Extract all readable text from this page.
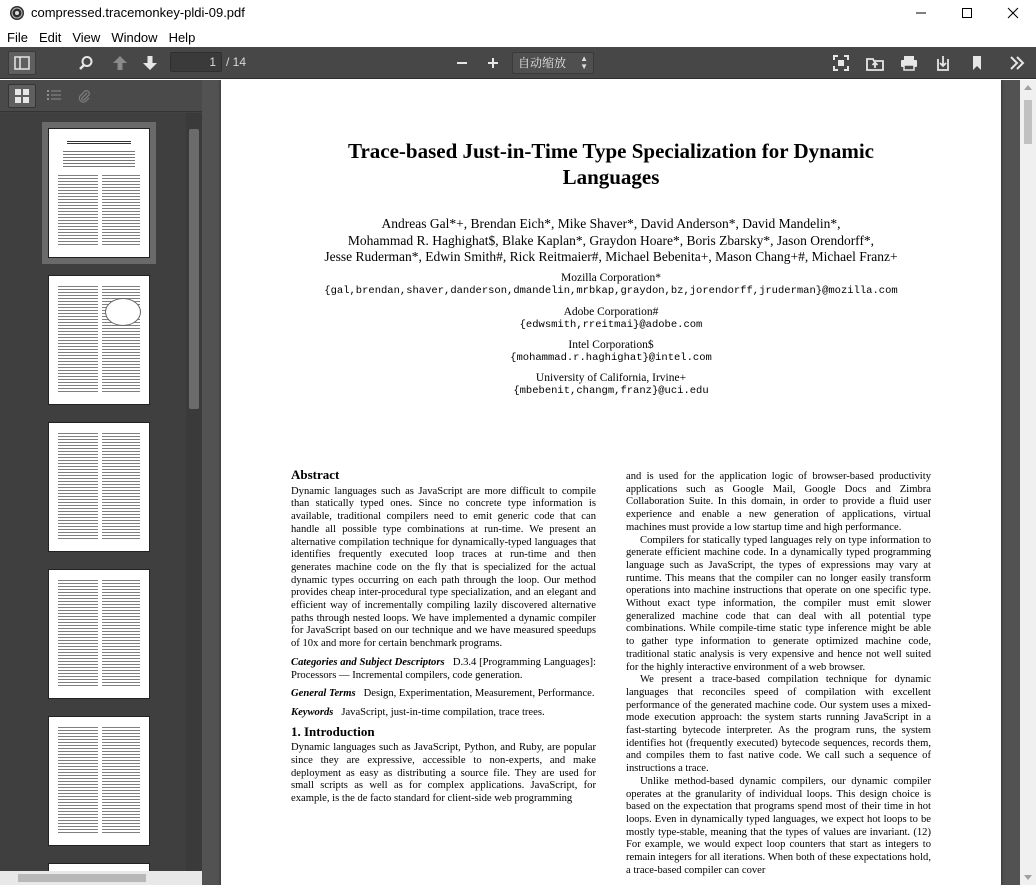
compressed.tracemonkey-pldi-09.pdf
File Edit View Window Help
1 / 14	自动缩放 ▲
▼
Trace-based Just-in-Time Type Specialization for Dynamic Languages
Andreas Gal*+, Brendan Eich*, Mike Shaver*, David Anderson*, David Mandelin*,
Mohammad R. Haghighat$, Blake Kaplan*, Graydon Hoare*, Boris Zbarsky*, Jason Orendorff*,
Jesse Ruderman*, Edwin Smith#, Rick Reitmaier#, Michael Bebenita+, Mason Chang+#, Michael Franz+
Mozilla Corporation*
{gal,brendan,shaver,danderson,dmandelin,mrbkap,graydon,bz,jorendorff,jruderman}@mozilla.com
Adobe Corporation#
{edwsmith,rreitmai}@adobe.com
Intel Corporation$
{mohammad.r.haghighat}@intel.com
University of California, Irvine+
{mbebenit,changm,franz}@uci.edu
Abstract

Dynamic languages such as JavaScript are more difficult to compile than statically typed ones. Since no concrete type information is available, traditional compilers need to emit generic code that can handle all possible type combinations at run-time. We present an alternative compilation technique for dynamically-typed languages that identifies frequently executed loop traces at run-time and then generates machine code on the fly that is specialized for the actual dynamic types occurring on each path through the loop. Our method provides cheap inter-procedural type specialization, and an elegant and efficient way of incrementally compiling lazily discovered alternative paths through nested loops. We have implemented a dynamic compiler for JavaScript based on our technique and we have measured speedups of 10x and more for certain benchmark programs.

Categories and Subject Descriptors D.3.4 [Programming Languages]: Processors — Incremental compilers, code generation.

General Terms Design, Experimentation, Measurement, Performance.

Keywords JavaScript, just-in-time compilation, trace trees.

1. Introduction

Dynamic languages such as JavaScript, Python, and Ruby, are popular since they are expressive, accessible to non-experts, and make deployment as easy as distributing a source file. They are used for small scripts as well as for complex applications. JavaScript, for example, is the de facto standard for client-side web programming

and is used for the application logic of browser-based productivity applications such as Google Mail, Google Docs and Zimbra Collaboration Suite. In this domain, in order to provide a fluid user experience and enable a new generation of applications, virtual machines must provide a low startup time and high performance.

Compilers for statically typed languages rely on type information to generate efficient machine code. In a dynamically typed programming language such as JavaScript, the types of expressions may vary at runtime. This means that the compiler can no longer easily transform operations into machine instructions that operate on one specific type. Without exact type information, the compiler must emit slower generalized machine code that can deal with all potential type combinations. While compile-time static type inference might be able to gather type information to generate optimized machine code, traditional static analysis is very expensive and hence not well suited for the highly interactive environment of a web browser.

We present a trace-based compilation technique for dynamic languages that reconciles speed of compilation with excellent performance of the generated machine code. Our system uses a mixed-mode execution approach: the system starts running JavaScript in a fast-starting bytecode interpreter. As the program runs, the system identifies hot (frequently executed) bytecode sequences, records them, and compiles them to fast native code. We call such a sequence of instructions a trace.

Unlike method-based dynamic compilers, our dynamic compiler operates at the granularity of individual loops. This design choice is based on the expectation that programs spend most of their time in hot loops. Even in dynamically typed languages, we expect hot loops to be mostly type-stable, meaning that the types of values are invariant. (12) For example, we would expect loop counters that start as integers to remain integers for all iterations. When both of these expectations hold, a trace-based compiler can cover
